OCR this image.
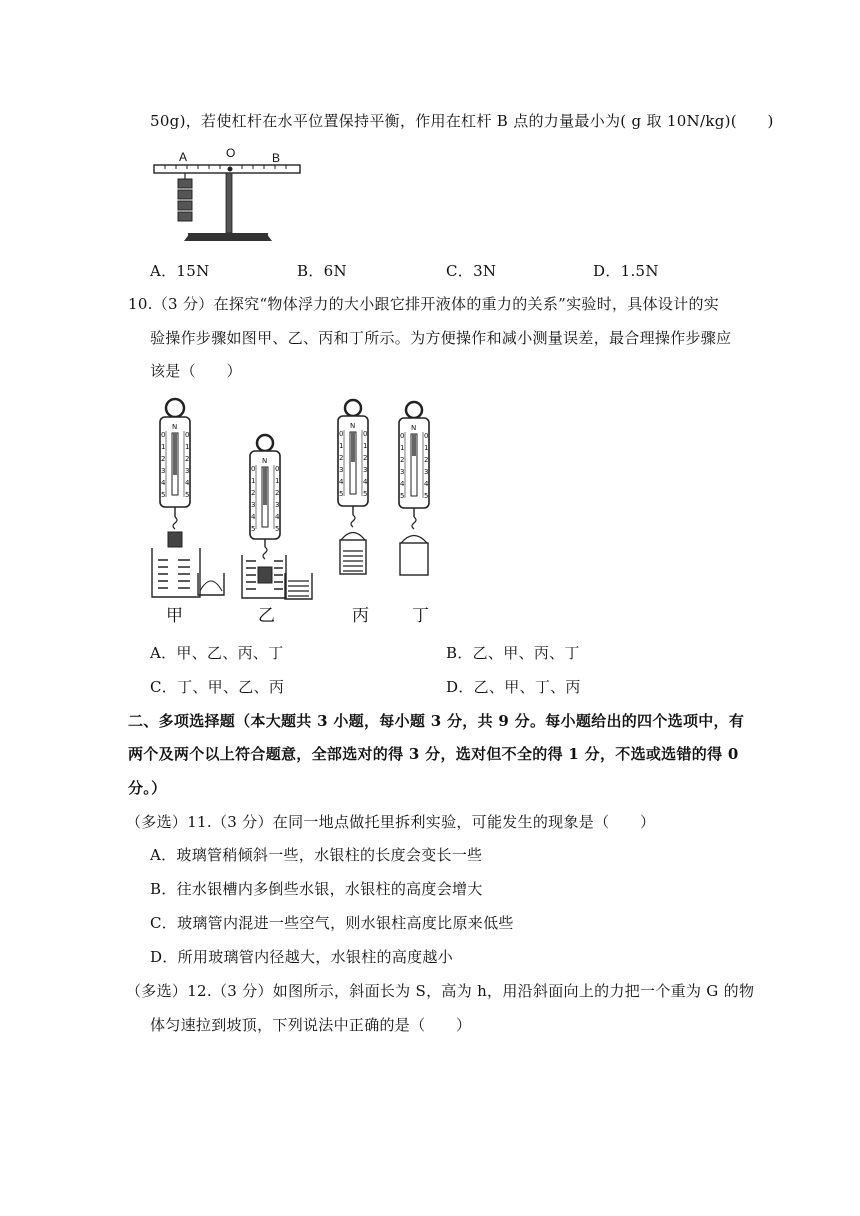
50g)，若使杠杆在水平位置保持平衡，作用在杠杆 B 点的力量最小为( g 取 10N/kg)(　　)
A	O	B
A．15N	B．6N	C．3N	D．1.5N
10.（3 分）在探究“物体浮力的大小跟它排开液体的重力的关系”实验时，具体设计的实
验操作步骤如图甲、乙、丙和丁所示。为方便操作和减小测量误差，最合理操作步骤应
该是（　　）
N
0	0
1	1
2	2
3	3
4	4
5	5
N
0	0
1	1
2	2
3	3
4	4
5	5
N
0	0
1	1
2	2
3	3
4	4
5	5
N
0	0
1	1
2	2
3	3
4	4
5	5
甲	乙	丙	丁
A．甲、乙、丙、丁	B．乙、甲、丙、丁
C．丁、甲、乙、丙	D．乙、甲、丁、丙
二、多项选择题（本大题共 3 小题，每小题 3 分，共 9 分。每小题给出的四个选项中，有
两个及两个以上符合题意，全部选对的得 3 分，选对但不全的得 1 分，不选或选错的得 0
分。）
（多选）11.（3 分）在同一地点做托里拆利实验，可能发生的现象是（　　）
A．玻璃管稍倾斜一些，水银柱的长度会变长一些
B．往水银槽内多倒些水银，水银柱的高度会增大
C．玻璃管内混进一些空气，则水银柱高度比原来低些
D．所用玻璃管内径越大，水银柱的高度越小
（多选）12.（3 分）如图所示，斜面长为 S，高为 h，用沿斜面向上的力把一个重为 G 的物
体匀速拉到坡顶，下列说法中正确的是（　　）
